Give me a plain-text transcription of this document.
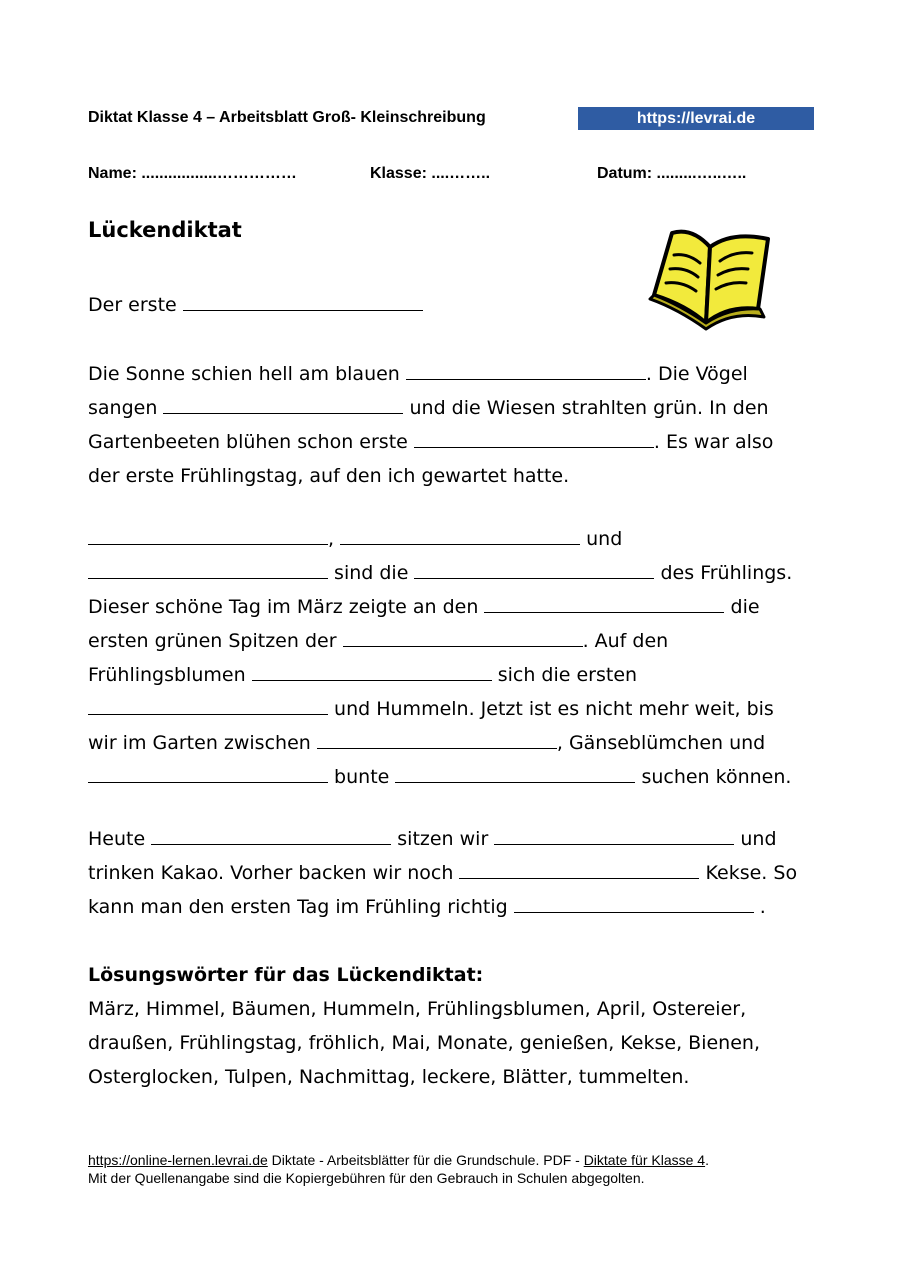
Diktat Klasse 4 – Arbeitsblatt Groß- Kleinschreibung	https://levrai.de
Name: .................……………	Klasse: ....……..	Datum: .........…..…..
Lückendiktat
Der erste
Die Sonne schien hell am blauen	. Die Vögel
sangen	und die Wiesen strahlten grün. In den
Gartenbeeten blühen schon erste	. Es war also
der erste Frühlingstag, auf den ich gewartet hatte.
,	und
sind die	des Frühlings.
Dieser schöne Tag im März zeigte an den	die
ersten grünen Spitzen der	. Auf den
Frühlingsblumen	sich die ersten
und Hummeln. Jetzt ist es nicht mehr weit, bis
wir im Garten zwischen	, Gänseblümchen und
bunte	suchen können.
Heute	sitzen wir	und
trinken Kakao. Vorher backen wir noch	Kekse. So
kann man den ersten Tag im Frühling richtig	.
Lösungswörter für das Lückendiktat:
März, Himmel, Bäumen, Hummeln, Frühlingsblumen, April, Ostereier,
draußen, Frühlingstag, fröhlich, Mai, Monate, genießen, Kekse, Bienen,
Osterglocken, Tulpen, Nachmittag, leckere, Blätter, tummelten.
https://online-lernen.levrai.de Diktate - Arbeitsblätter für die Grundschule. PDF - Diktate für Klasse 4.
Mit der Quellenangabe sind die Kopiergebühren für den Gebrauch in Schulen abgegolten.
